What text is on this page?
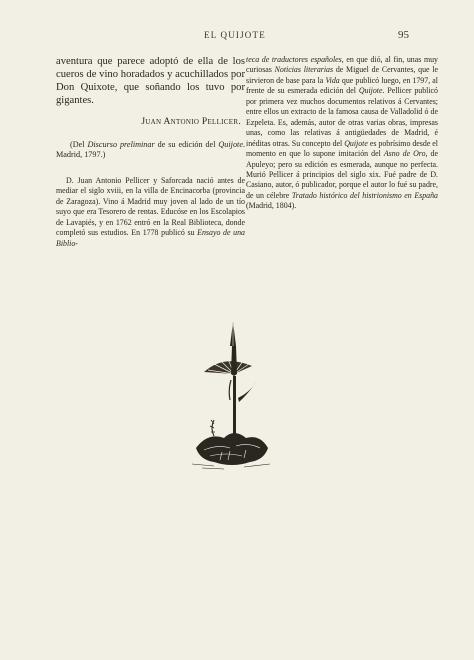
EL QUIJOTE	95

aventura que parece adoptó de ella de los cueros de vino horadados y acuchillados por Don Quixote, que soñando los tuvo por gigantes.

Juan Antonio Pellicer.

(Del Discurso preliminar de su edición del Quijote. Madrid, 1797.)

D. Juan Antonio Pellicer y Saforcada nació antes de mediar el siglo xviii, en la villa de Encinacorba (provincia de Zaragoza). Vino á Madrid muy joven al lado de un tío suyo que era Tesorero de rentas. Educóse en los Escolapios de Lavapiés, y en 1762 entró en la Real Biblioteca, donde completó sus estudios. En 1778 publicó su Ensayo de una Biblio-

teca de traductores españoles, en que dió, al fin, unas muy curiosas Noticias literarias de Miguel de Cervantes, que le sirvieron de base para la Vida que publicó luego, en 1797, al frente de su esmerada edición del Quijote. Pellicer publicó por primera vez muchos documentos relativos á Cervantes; entre ellos un extracto de la famosa causa de Valladolid ó de Ezpeleta. Es, además, autor de otras varias obras, impresas unas, como las relativas á antigüedades de Madrid, é inéditas otras. Su concepto del Quijote es pobrísimo desde el momento en que lo supone imitación del Asno de Oro, de Apuleyo; pero su edición es esmerada, aunque no perfecta. Murió Pellicer á principios del siglo xix. Fué padre de D. Casiano, autor, ó publicador, porque el autor lo fué su padre, de un célebre Tratado histórico del histrionismo en España (Madrid, 1804).
